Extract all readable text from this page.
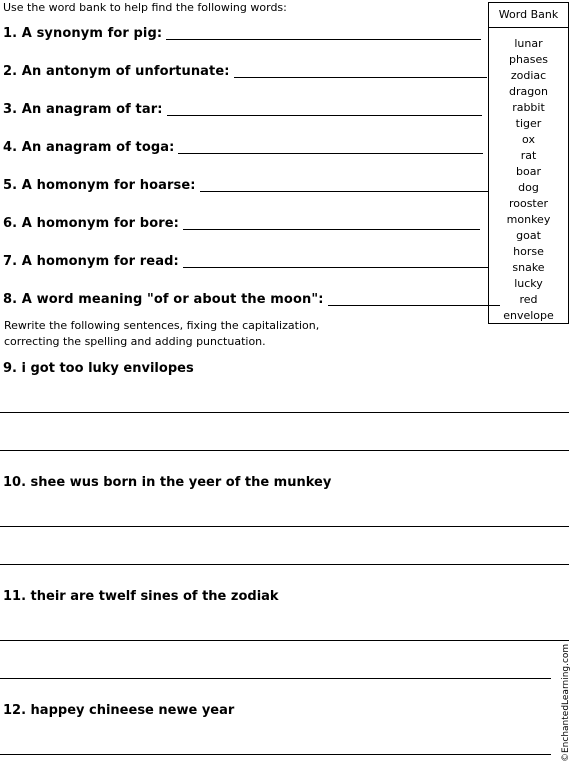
Use the word bank to help find the following words:
1. A synonym for pig:
2. An antonym of unfortunate:
3. An anagram of tar:
4. An anagram of toga:
5. A homonym for hoarse:
6. A homonym for bore:
7. A homonym for read:
8. A word meaning "of or about the moon":
Rewrite the following sentences, fixing the capitalization,
correcting the spelling and adding punctuation.
9. i got too luky envilopes
10. shee wus born in the yeer of the munkey
11. their are twelf sines of the zodiak
12. happey chineese newe year
Word Bank
lunar
phases
zodiac
dragon
rabbit
tiger
ox
rat
boar
dog
rooster
monkey
goat
horse
snake
lucky
red
envelope
©EnchantedLearning.com
